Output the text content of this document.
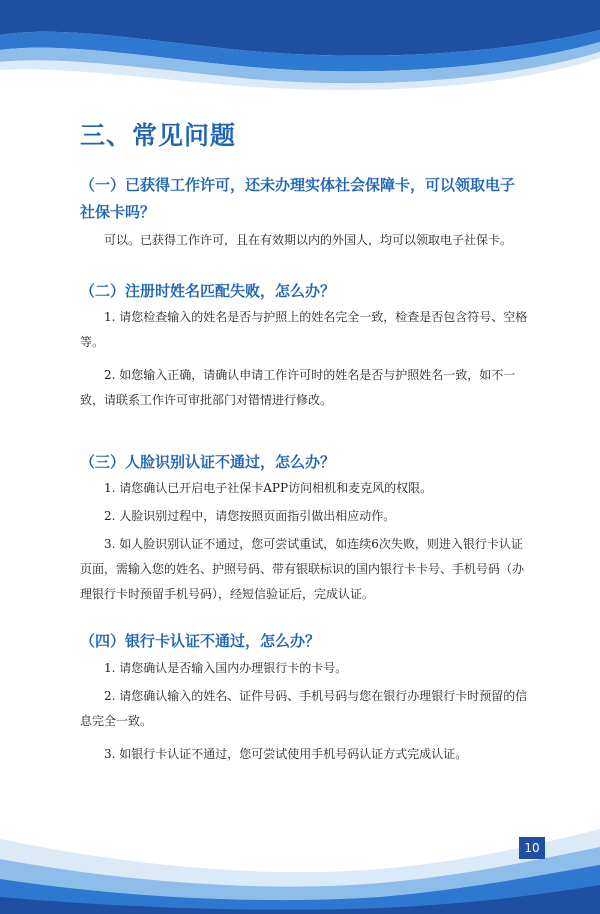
三、常见问题
（一）已获得工作许可，还未办理实体社会保障卡，可以领取电子社保卡吗？

可以。已获得工作许可，且在有效期以内的外国人，均可以领取电子社保卡。

（二）注册时姓名匹配失败，怎么办？

1. 请您检查输入的姓名是否与护照上的姓名完全一致，检查是否包含符号、空格等。

2. 如您输入正确，请确认申请工作许可时的姓名是否与护照姓名一致，如不一致，请联系工作许可审批部门对错情进行修改。

（三）人脸识别认证不通过，怎么办？

1. 请您确认已开启电子社保卡APP访问相机和麦克风的权限。

2. 人脸识别过程中，请您按照页面指引做出相应动作。

3. 如人脸识别认证不通过，您可尝试重试，如连续6次失败，则进入银行卡认证页面，需输入您的姓名、护照号码、带有银联标识的国内银行卡卡号、手机号码（办理银行卡时预留手机号码），经短信验证后，完成认证。

（四）银行卡认证不通过，怎么办？

1. 请您确认是否输入国内办理银行卡的卡号。

2. 请您确认输入的姓名、证件号码、手机号码与您在银行办理银行卡时预留的信息完全一致。

3. 如银行卡认证不通过，您可尝试使用手机号码认证方式完成认证。

10
